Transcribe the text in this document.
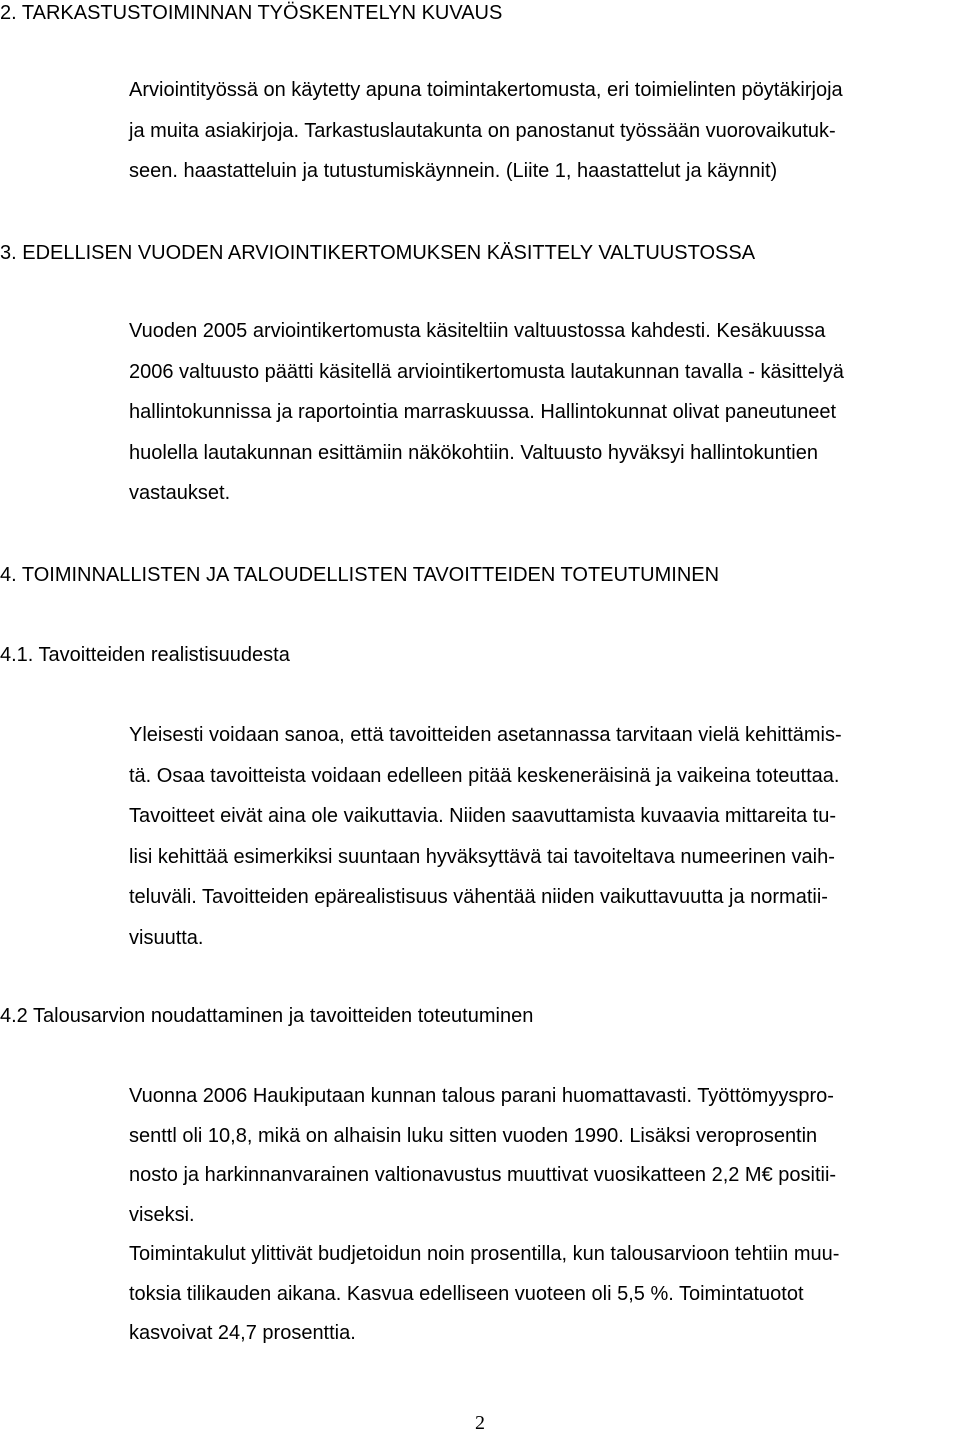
2. TARKASTUSTOIMINNAN TYÖSKENTELYN KUVAUS
Arviointityössä on käytetty apuna toimintakertomusta, eri toimielinten pöytäkirjoja
ja muita asiakirjoja. Tarkastuslautakunta on panostanut työssään vuorovaikutuk-
seen. haastatteluin ja tutustumiskäynnein. (Liite 1, haastattelut ja käynnit)
3. EDELLISEN VUODEN ARVIOINTIKERTOMUKSEN KÄSITTELY VALTUUSTOSSA
Vuoden 2005 arviointikertomusta käsiteltiin valtuustossa kahdesti. Kesäkuussa
2006 valtuusto päätti käsitellä arviointikertomusta lautakunnan tavalla - käsittelyä
hallintokunnissa ja raportointia marraskuussa. Hallintokunnat olivat paneutuneet
huolella lautakunnan esittämiin näkökohtiin. Valtuusto hyväksyi hallintokuntien
vastaukset.
4. TOIMINNALLISTEN JA TALOUDELLISTEN TAVOITTEIDEN TOTEUTUMINEN
4.1. Tavoitteiden realistisuudesta
Yleisesti voidaan sanoa, että tavoitteiden asetannassa tarvitaan vielä kehittämis-
tä. Osaa tavoitteista voidaan edelleen pitää keskeneräisinä ja vaikeina toteuttaa.
Tavoitteet eivät aina ole vaikuttavia. Niiden saavuttamista kuvaavia mittareita tu-
lisi kehittää esimerkiksi suuntaan hyväksyttävä tai tavoiteltava numeerinen vaih-
teluväli. Tavoitteiden epärealistisuus vähentää niiden vaikuttavuutta ja normatii-
visuutta.
4.2 Talousarvion noudattaminen ja tavoitteiden toteutuminen
Vuonna 2006 Haukiputaan kunnan talous parani huomattavasti. Työttömyyspro-
senttl oli 10,8, mikä on alhaisin luku sitten vuoden 1990. Lisäksi veroprosentin
nosto ja harkinnanvarainen valtionavustus muuttivat vuosikatteen 2,2 M€ positii-
viseksi.
Toimintakulut ylittivät budjetoidun noin prosentilla, kun talousarvioon tehtiin muu-
toksia tilikauden aikana. Kasvua edelliseen vuoteen oli 5,5 %. Toimintatuotot
kasvoivat 24,7 prosenttia.
2
